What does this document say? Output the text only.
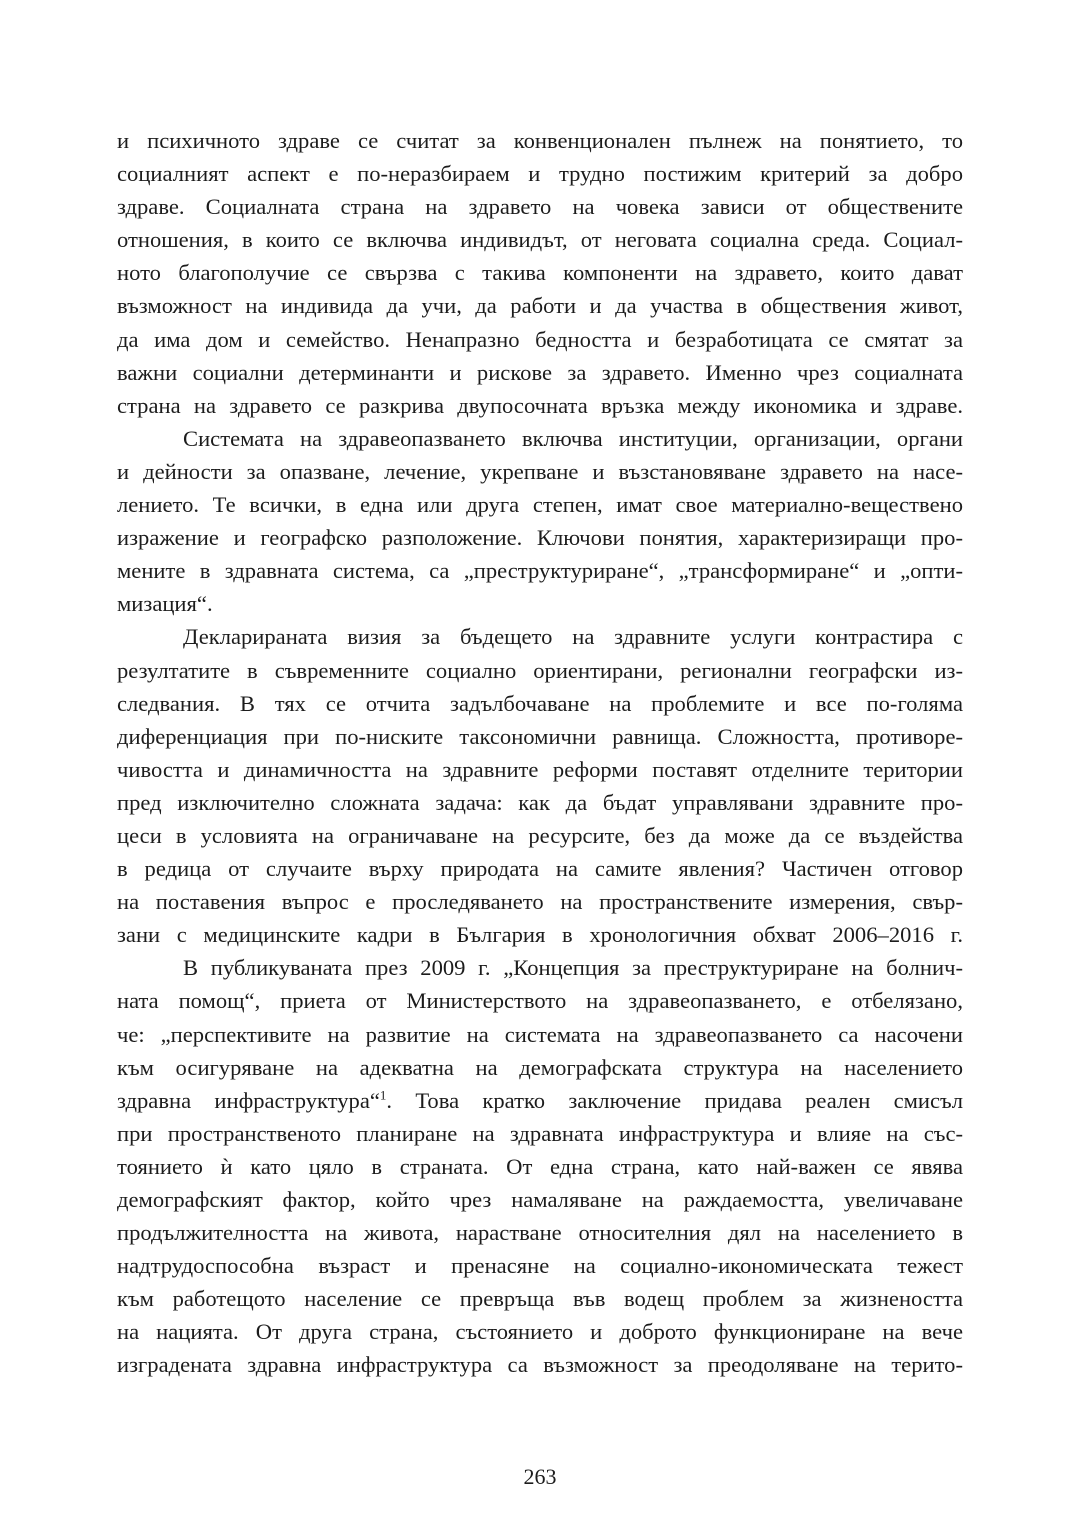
и психичното здраве се считат за конвенционален пълнеж на понятието, то
социалният аспект е по-неразбираем и трудно постижим критерий за добро
здраве. Социалната страна на здравето на човека зависи от обществените
отношения, в които се включва индивидът, от неговата социална среда. Социал-
ното благополучие се свързва с такива компоненти на здравето, които дават
възможност на индивида да учи, да работи и да участва в обществения живот,
да има дом и семейство. Ненапразно бедността и безработицата се смятат за
важни социални детерминанти и рискове за здравето. Именно чрез социалната
страна на здравето се разкрива двупосочната връзка между икономика и здраве.
Системата на здравеопазването включва институции, организации, органи
и дейности за опазване, лечение, укрепване и възстановяване здравето на насе-
лението. Те всички, в една или друга степен, имат свое материално-веществено
изражение и географско разположение. Ключови понятия, характеризиращи про-
мените в здравната система, са „преструктуриране“, „трансформиране“ и „опти-
мизация“.
Декларираната визия за бъдещето на здравните услуги контрастира с
резултатите в съвременните социално ориентирани, регионални географски из-
следвания. В тях се отчита задълбочаване на проблемите и все по-голяма
диференциация при по-ниските таксономични равнища. Сложността, противоре-
чивостта и динамичността на здравните реформи поставят отделните територии
пред изключително сложната задача: как да бъдат управлявани здравните про-
цеси в условията на ограничаване на ресурсите, без да може да се въздейства
в редица от случаите върху природата на самите явления? Частичен отговор
на поставения въпрос е проследяването на пространствените измерения, свър-
зани с медицинските кадри в България в хронологичния обхват 2006–2016 г.
В публикуваната през 2009 г. „Концепция за преструктуриране на болнич-
ната помощ“, приета от Министерството на здравеопазването, е отбелязано,
че: „перспективите на развитие на системата на здравеопазването са насочени
към осигуряване на адекватна на демографската структура на населението
здравна инфраструктура“$^1$. Това кратко заключение придава реален смисъл
при пространственото планиране на здравната инфраструктура и влияе на със-
тоянието ѝ като цяло в страната. От една страна, като най-важен се явява
демографският фактор, който чрез намаляване на раждаемостта, увеличаване
продължителността на живота, нарастване относителния дял на населението в
надтрудоспособна възраст и пренасяне на социално-икономическата тежест
към работещото население се превръща във водещ проблем за жизнеността
на нацията. От друга страна, състоянието и доброто функциониране на вече
изградената здравна инфраструктура са възможност за преодоляване на терито-
263
